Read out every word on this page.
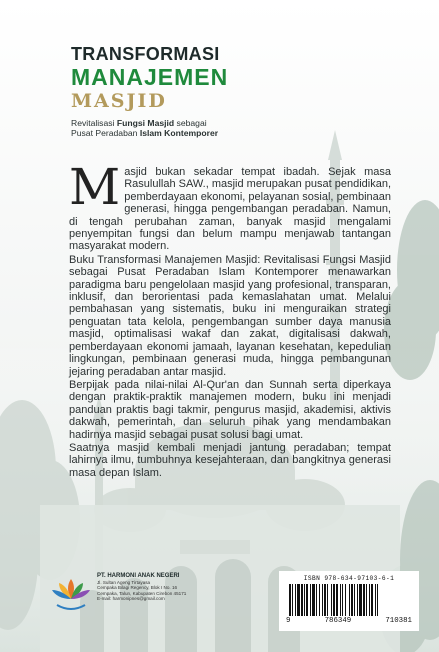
TRANSFORMASI
MANAJEMEN
MASJID
Revitalisasi Fungsi Masjid sebagai
Pusat Peradaban Islam Kontemporer

Masjid bukan sekadar tempat ibadah. Sejak masa Rasulullah SAW., masjid merupakan pusat pendidikan, pemberdayaan ekonomi, pelayanan sosial, pembinaan generasi, hingga pengembangan peradaban. Namun, di tengah perubahan zaman, banyak masjid mengalami penyempitan fungsi dan belum mampu menjawab tantangan masyarakat modern.

Buku Transformasi Manajemen Masjid: Revitalisasi Fungsi Masjid sebagai Pusat Peradaban Islam Kontemporer menawarkan paradigma baru pengelolaan masjid yang profesional, transparan, inklusif, dan berorientasi pada kemaslahatan umat. Melalui pembahasan yang sistematis, buku ini menguraikan strategi penguatan tata kelola, pengembangan sumber daya manusia masjid, optimalisasi wakaf dan zakat, digitalisasi dakwah, pemberdayaan ekonomi jamaah, layanan kesehatan, kepedulian lingkungan, pembinaan generasi muda, hingga pembangunan jejaring peradaban antar masjid.

Berpijak pada nilai-nilai Al-Qur'an dan Sunnah serta diperkaya dengan praktik-praktik manajemen modern, buku ini menjadi panduan praktis bagi takmir, pengurus masjid, akademisi, aktivis dakwah, pemerintah, dan seluruh pihak yang mendambakan hadirnya masjid sebagai pusat solusi bagi umat.

Saatnya masjid kembali menjadi jantung peradaban; tempat lahirnya ilmu, tumbuhnya kesejahteraan, dan bangkitnya generasi masa depan Islam.

PT. HARMONI ANAK NEGERI
Jl. Sultan Ageng Tirtayasa
Cempaka Bilagi Regency, Blok I No. 16
Cempaka, Talun, Kabupaten Cirebon 45171
E-mail: harmonipnes@gmail.com
ISBN 978-634-97103-6-1
9	786349	710381
